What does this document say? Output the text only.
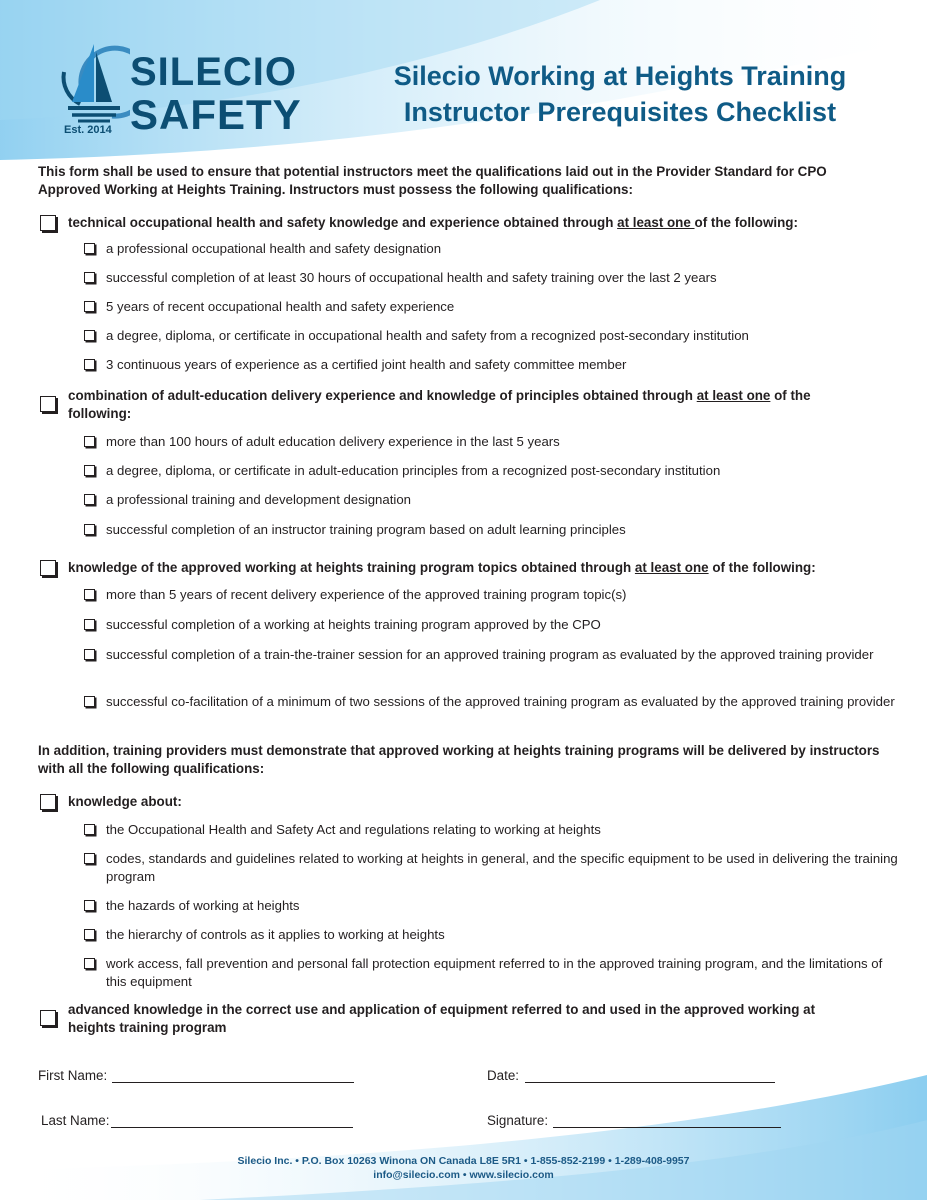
SILECIO
SAFETY
Est. 2014
Silecio Working at Heights Training
Instructor Prerequisites Checklist
This form shall be used to ensure that potential instructors meet the qualifications laid out in the Provider Standard for CPO Approved Working at Heights Training. Instructors must possess the following qualifications:
technical occupational health and safety knowledge and experience obtained through at least one of the following:
a professional occupational health and safety designation
successful completion of at least 30 hours of occupational health and safety training over the last 2 years
5 years of recent occupational health and safety experience
a degree, diploma, or certificate in occupational health and safety from a recognized post-secondary institution
3 continuous years of experience as a certified joint health and safety committee member
combination of adult-education delivery experience and knowledge of principles obtained through at least one of the following:
more than 100 hours of adult education delivery experience in the last 5 years
a degree, diploma, or certificate in adult-education principles from a recognized post-secondary institution
a professional training and development designation
successful completion of an instructor training program based on adult learning principles
knowledge of the approved working at heights training program topics obtained through at least one of the following:
more than 5 years of recent delivery experience of the approved training program topic(s)
successful completion of a working at heights training program approved by the CPO
successful completion of a train-the-trainer session for an approved training program as evaluated by the approved training provider
successful co-facilitation of a minimum of two sessions of the approved training program as evaluated by the approved training provider
In addition, training providers must demonstrate that approved working at heights training programs will be delivered by instructors with all the following qualifications:
knowledge about:
the Occupational Health and Safety Act and regulations relating to working at heights
codes, standards and guidelines related to working at heights in general, and the specific equipment to be used in delivering the training program
the hazards of working at heights
the hierarchy of controls as it applies to working at heights
work access, fall prevention and personal fall protection equipment referred to in the approved training program, and the limitations of this equipment
advanced knowledge in the correct use and application of equipment referred to and used in the approved working at heights training program
First Name:	Date:
Last Name:	Signature:
Silecio Inc. • P.O. Box 10263 Winona ON Canada L8E 5R1 • 1-855-852-2199 • 1-289-408-9957
info@silecio.com • www.silecio.com
